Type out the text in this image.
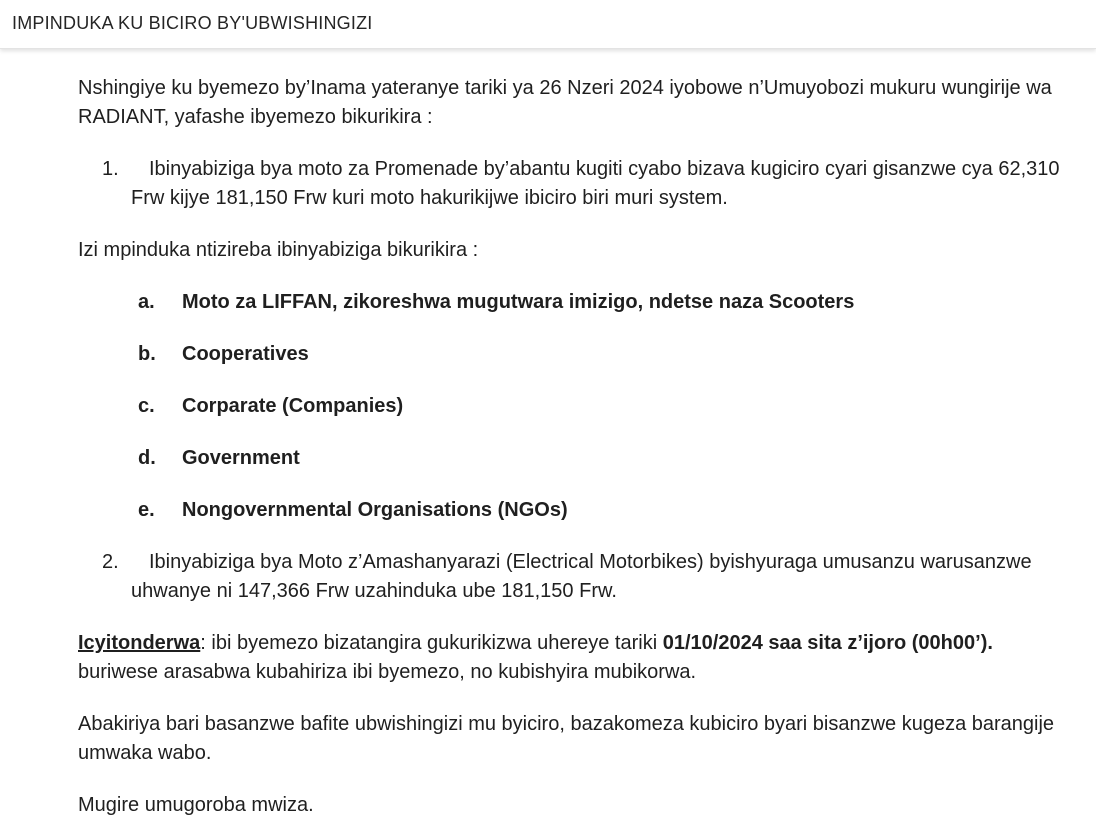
IMPINDUKA KU BICIRO BY'UBWISHINGIZI

Nshingiye ku byemezo by’Inama yateranye tariki ya 26 Nzeri 2024 iyobowe n’Umuyobozi mukuru wungirije wa RADIANT, yafashe ibyemezo bikurikira :

1. Ibinyabiziga bya moto za Promenade by’abantu kugiti cyabo bizava kugiciro cyari gisanzwe cya 62,310 Frw kijye 181,150 Frw kuri moto hakurikijwe ibiciro biri muri system.

Izi mpinduka ntizireba ibinyabiziga bikurikira :

a. Moto za LIFFAN, zikoreshwa mugutwara imizigo, ndetse naza Scooters
b. Cooperatives
c. Corparate (Companies)
d. Government
e. Nongovernmental Organisations (NGOs)
2. Ibinyabiziga bya Moto z’Amashanyarazi (Electrical Motorbikes) byishyuraga umusanzu warusanzwe uhwanye ni 147,366 Frw uzahinduka ube 181,150 Frw.

Icyitonderwa: ibi byemezo bizatangira gukurikizwa uhereye tariki 01/10/2024 saa sita z’ijoro (00h00’). buriwese arasabwa kubahiriza ibi byemezo, no kubishyira mubikorwa.

Abakiriya bari basanzwe bafite ubwishingizi mu byiciro, bazakomeza kubiciro byari bisanzwe kugeza barangije umwaka wabo.

Mugire umugoroba mwiza.
